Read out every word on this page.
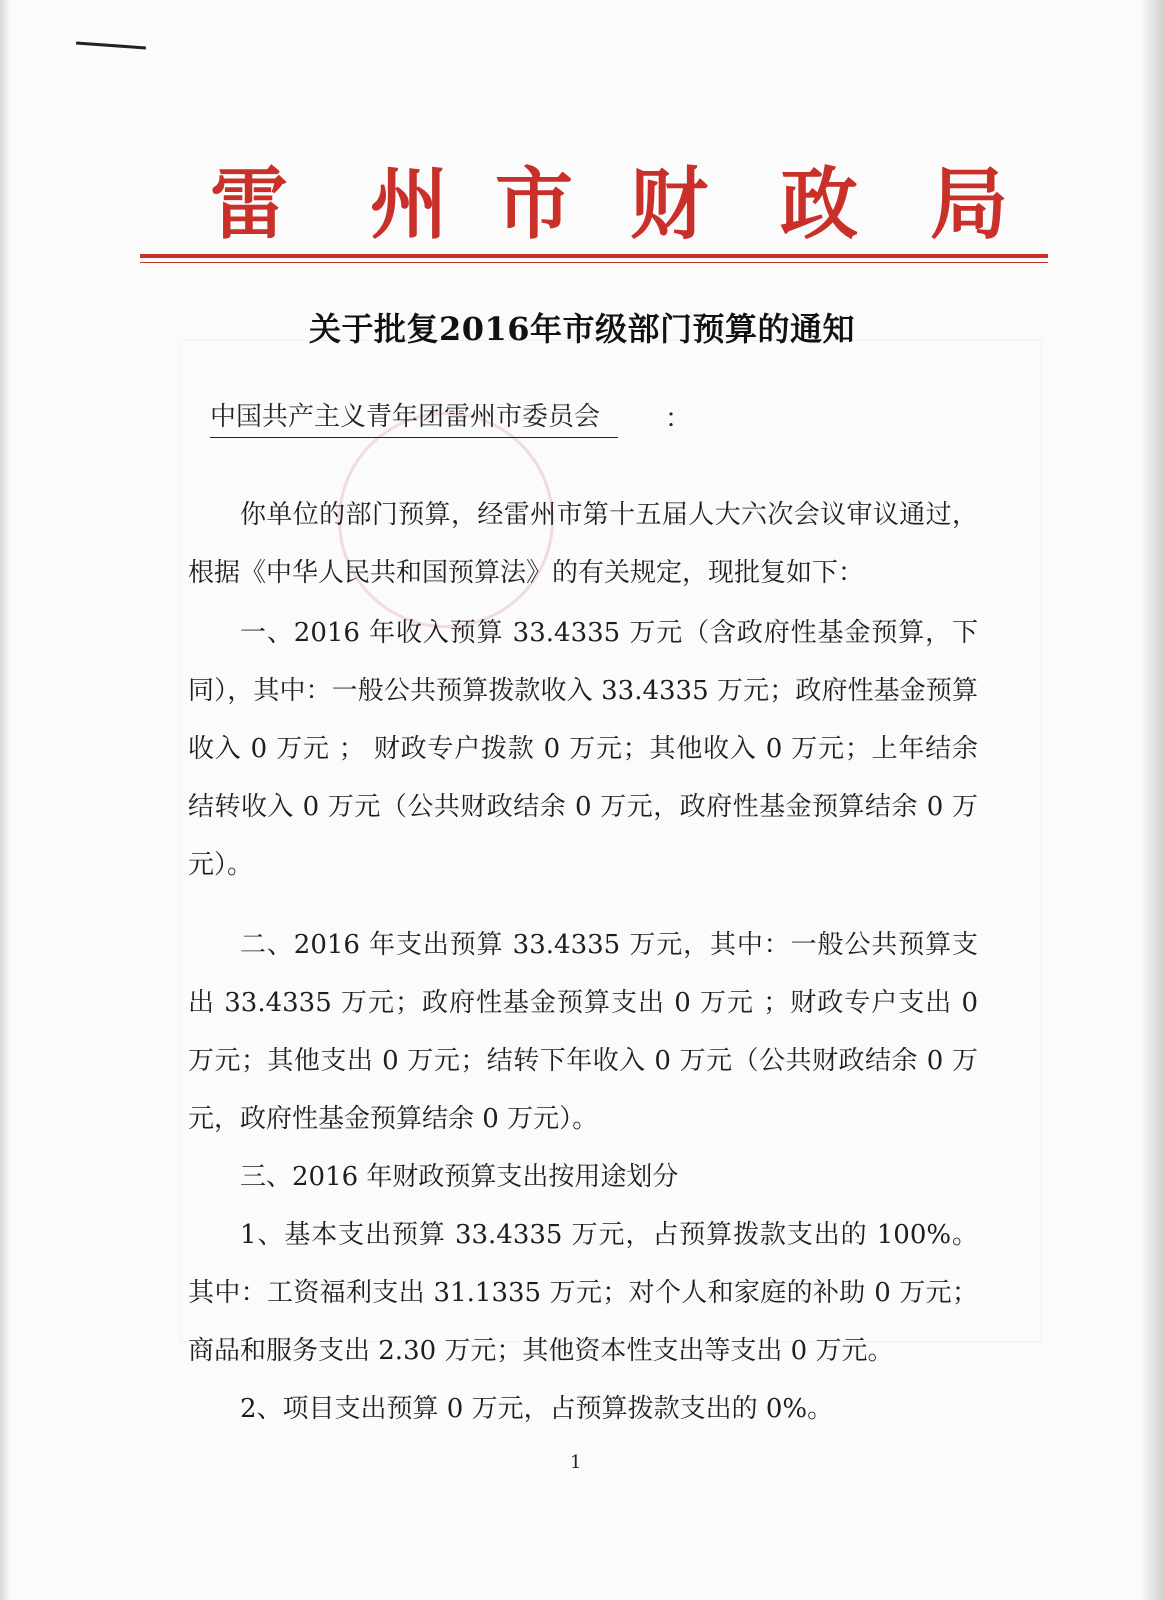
雷 州 市 财 政 局
关于批复2016年市级部门预算的通知
中国共产主义青年团雷州市委员会	：

你单位的部门预算，经雷州市第十五届人大六次会议审议通过，根据《中华人民共和国预算法》的有关规定，现批复如下：

一、2016 年收入预算 33.4335 万元（含政府性基金预算，下同），其中：一般公共预算拨款收入 33.4335 万元；政府性基金预算收入 0 万元 ； 财政专户拨款 0 万元；其他收入 0 万元；上年结余结转收入 0 万元（公共财政结余 0 万元，政府性基金预算结余 0 万元）。

二、2016 年支出预算 33.4335 万元，其中：一般公共预算支出 33.4335 万元；政府性基金预算支出 0 万元 ；财政专户支出 0 万元；其他支出 0 万元；结转下年收入 0 万元（公共财政结余 0 万元，政府性基金预算结余 0 万元）。

三、2016 年财政预算支出按用途划分

1、基本支出预算 33.4335 万元，占预算拨款支出的 100%。其中：工资福利支出 31.1335 万元；对个人和家庭的补助 0 万元；商品和服务支出 2.30 万元；其他资本性支出等支出 0 万元。

2、项目支出预算 0 万元，占预算拨款支出的 0%。

1
